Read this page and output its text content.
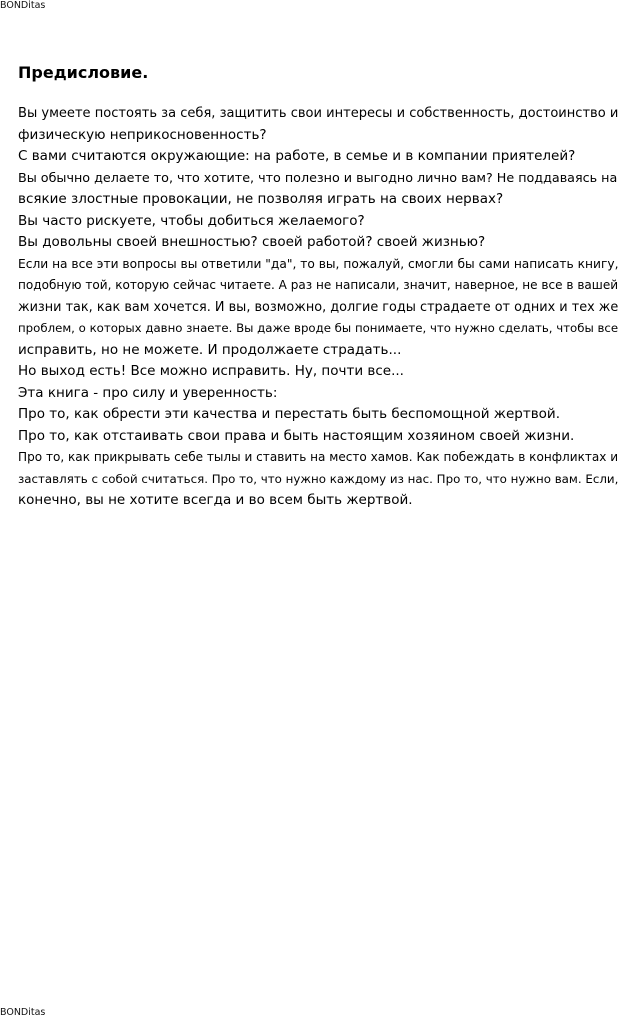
BONDitas
Предисловие.

Вы умеете постоять за себя, защитить свои интересы и собственность, достоинство и

физическую неприкосновенность?

С вами считаются окружающие: на работе, в семье и в компании приятелей?

Вы обычно делаете то, что хотите, что полезно и выгодно лично вам? Не поддаваясь на

всякие злостные провокации, не позволяя играть на своих нервах?

Вы часто рискуете, чтобы добиться желаемого?

Вы довольны своей внешностью? своей работой? своей жизнью?

Если на все эти вопросы вы ответили "да", то вы, пожалуй, смогли бы сами написать книгу,

подобную той, которую сейчас читаете. А раз не написали, значит, наверное, не все в вашей

жизни так, как вам хочется. И вы, возможно, долгие годы страдаете от одних и тех же

проблем, о которых давно знаете. Вы даже вроде бы понимаете, что нужно сделать, чтобы все

исправить, но не можете. И продолжаете страдать...

Но выход есть! Все можно исправить. Ну, почти все...

Эта книга - про силу и уверенность:

Про то, как обрести эти качества и перестать быть беспомощной жертвой.

Про то, как отстаивать свои права и быть настоящим хозяином своей жизни.

Про то, как прикрывать себе тылы и ставить на место хамов. Как побеждать в конфликтах и

заставлять с собой считаться. Про то, что нужно каждому из нас. Про то, что нужно вам. Если,

конечно, вы не хотите всегда и во всем быть жертвой.

BONDitas
